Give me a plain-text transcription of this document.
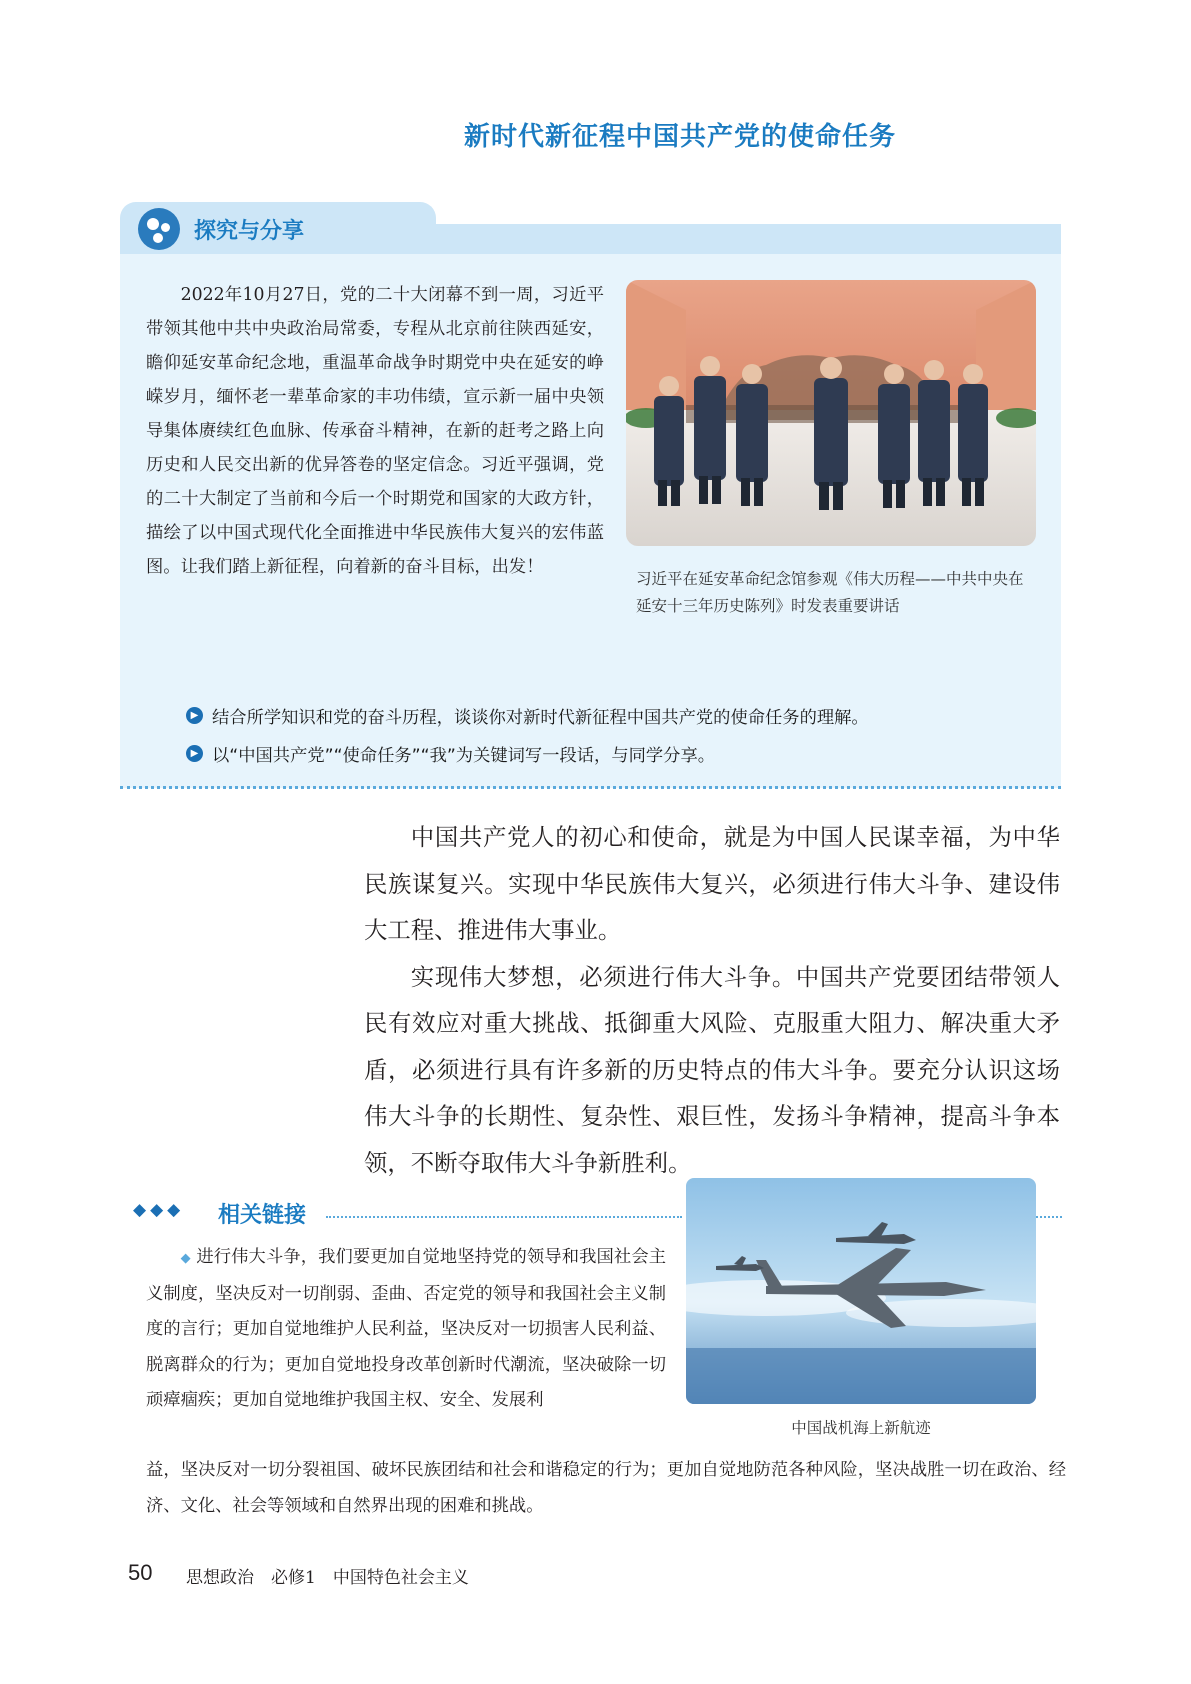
新时代新征程中国共产党的使命任务
探究与分享

2022年10月27日，党的二十大闭幕不到一周，习近平带领其他中共中央政治局常委，专程从北京前往陕西延安，瞻仰延安革命纪念地，重温革命战争时期党中央在延安的峥嵘岁月，缅怀老一辈革命家的丰功伟绩，宣示新一届中央领导集体赓续红色血脉、传承奋斗精神，在新的赶考之路上向历史和人民交出新的优异答卷的坚定信念。习近平强调，党的二十大制定了当前和今后一个时期党和国家的大政方针，描绘了以中国式现代化全面推进中华民族伟大复兴的宏伟蓝图。让我们踏上新征程，向着新的奋斗目标，出发！

习近平在延安革命纪念馆参观《伟大历程——中共中央在延安十三年历史陈列》时发表重要讲话

▶ 结合所学知识和党的奋斗历程，谈谈你对新时代新征程中国共产党的使命任务的理解。
▶ 以“中国共产党”“使命任务”“我”为关键词写一段话，与同学分享。

中国共产党人的初心和使命，就是为中国人民谋幸福，为中华民族谋复兴。实现中华民族伟大复兴，必须进行伟大斗争、建设伟大工程、推进伟大事业。

实现伟大梦想，必须进行伟大斗争。中国共产党要团结带领人民有效应对重大挑战、抵御重大风险、克服重大阻力、解决重大矛盾，必须进行具有许多新的历史特点的伟大斗争。要充分认识这场伟大斗争的长期性、复杂性、艰巨性，发扬斗争精神，提高斗争本领，不断夺取伟大斗争新胜利。

◆◆◆ 相关链接

◆ 进行伟大斗争，我们要更加自觉地坚持党的领导和我国社会主义制度，坚决反对一切削弱、歪曲、否定党的领导和我国社会主义制度的言行；更加自觉地维护人民利益，坚决反对一切损害人民利益、脱离群众的行为；更加自觉地投身改革创新时代潮流，坚决破除一切顽瘴痼疾；更加自觉地维护我国主权、安全、发展利

益，坚决反对一切分裂祖国、破坏民族团结和社会和谐稳定的行为；更加自觉地防范各种风险，坚决战胜一切在政治、经济、文化、社会等领域和自然界出现的困难和挑战。

中国战机海上新航迹
50 思想政治　必修1　中国特色社会主义
